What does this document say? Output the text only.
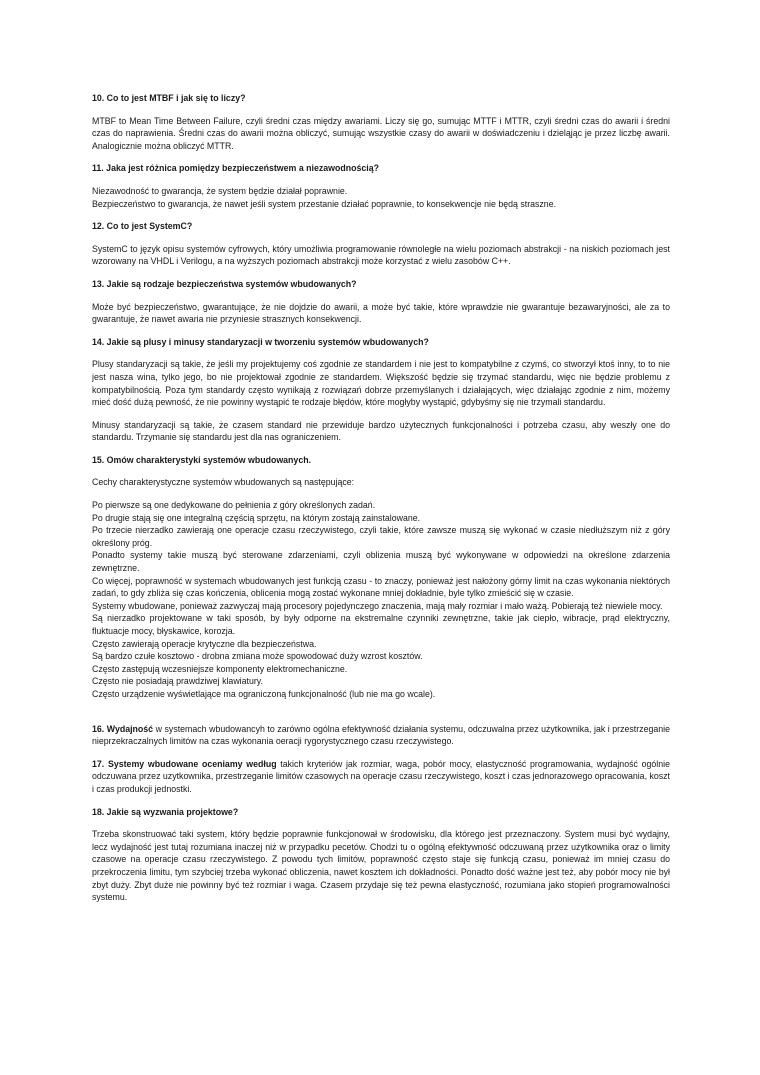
10. Co to jest MTBF i jak się to liczy?
MTBF to Mean Time Between Failure, czyli średni czas między awariami. Liczy się go, sumując MTTF i MTTR, czyli średni czas do awarii i średni czas do naprawienia. Średni czas do awarii można obliczyć, sumując wszystkie czasy do awarii w doświadczeniu i dzieląjąc je przez liczbę awarii. Analogicznie można obliczyć MTTR.
11. Jaka jest różnica pomiędzy bezpieczeństwem a niezawodnością?
Niezawodność to gwarancja, że system będzie działał poprawnie.
Bezpieczeństwo to gwarancja, że nawet jeśli system przestanie działać poprawnie, to konsekwencje nie będą straszne.
12. Co to jest SystemC?
SystemC to język opisu systemów cyfrowych, który umożliwia programowanie równoległe na wielu poziomach abstrakcji - na niskich poziomach jest wzorowany na VHDL i Verilogu, a na wyższych poziomach abstrakcji może korzystać z wielu zasobów C++.
13. Jakie są rodzaje bezpieczeństwa systemów wbudowanych?
Może być bezpieczeństwo, gwarantujące, że nie dojdzie do awarii, a może być takie, które wprawdzie nie gwarantuje bezawaryjności, ale za to gwarantuje, że nawet awaria nie przyniesie strasznych konsekwencji.
14. Jakie są plusy i minusy standaryzacji w tworzeniu systemów wbudowanych?
Plusy standaryzacji są takie, że jeśli my projektujemy coś zgodnie ze standardem i nie jest to kompatybilne z czymś, co stworzył ktoś inny, to to nie jest nasza wina, tylko jego, bo nie projektował zgodnie ze standardem. Większość będzie się trzymać standardu, więc nie będzie problemu z kompatybilnością. Poza tym standardy często wynikają z rozwiązań dobrze przemyślanych i działających, więc działając zgodnie z nim, możemy mieć dość dużą pewność, że nie powinny wystąpić te rodzaje błędów, które mogłyby wystąpić, gdybyśmy się nie trzymali standardu.
Minusy standaryzacji są takie, że czasem standard nie przewiduje bardzo użytecznych funkcjonalności i potrzeba czasu, aby weszły one do standardu. Trzymanie się standardu jest dla nas ograniczeniem.
15. Omów charakterystyki systemów wbudowanych.
Cechy charakterystyczne systemów wbudowanych są następujące:
Po pierwsze są one dedykowane do pełnienia z góry określonych zadań.
Po drugie stają się one integralną częścią sprzętu, na którym zostają zainstalowane.
Po trzecie nierzadko zawierają one operacje czasu rzeczywistego, czyli takie, które zawsze muszą się wykonać w czasie niedłuższym niż z góry określony próg.
Ponadto systemy takie muszą być sterowane zdarzeniami, czyli oblizenia muszą być wykonywane w odpowiedzi na określone zdarzenia zewnętrzne.
Co więcej, poprawność w systemach wbudowanych jest funkcją czasu - to znaczy, ponieważ jest nałożony górny limit na czas wykonania niektórych zadań, to gdy zbliża się czas kończenia, oblicenia mogą zostać wykonane mniej dokładnie, byle tylko zmieścić się w czasie.
Systemy wbudowane, ponieważ zazwyczaj mają procesory pojedynczego znaczenia, mają mały rozmiar i mało ważą. Pobierają też niewiele mocy.
Są nierzadko projektowane w taki sposób, by były odporne na ekstremalne czynniki zewnętrzne, takie jak ciepło, wibracje, prąd elektryczny, fluktuacje mocy, błyskawice, korozja.
Często zawierają operacje krytyczne dla bezpieczeństwa.
Są bardzo czułe kosztowo - drobna zmiana może spowodować duży wzrost kosztów.
Często zastępują wczesniejsze komponenty elektromechaniczne.
Często nie posiadają prawdziwej klawiatury.
Często urządzenie wyświetlające ma ograniczoną funkcjonalność (lub nie ma go wcale).
16. Wydajność w systemach wbudowancyh to zarówno ogólna efektywność działania systemu, odczuwalna przez użytkownika, jak i przestrzeganie nieprzekraczalnych limitów na czas wykonania oeracji rygorystycznego czasu rzeczywistego.
17. Systemy wbudowane oceniamy według takich kryteriów jak rozmiar, waga, pobór mocy, elastyczność programowania, wydajność ogólnie odczuwana przez uzytkownika, przestrzeganie limitów czasowych na operacje czasu rzeczywistego, koszt i czas jednorazowego opracowania, koszt i czas produkcji jednostki.
18. Jakie są wyzwania projektowe?
Trzeba skonstruować taki system, który będzie poprawnie funkcjonował w środowisku, dla którego jest przeznaczony. System musi być wydajny, lecz wydajność jest tutaj rozumiana inaczej niż w przypadku pecetów. Chodzi tu o ogólną efektywność odczuwaną przez użytkownika oraz o limity czasowe na operacje czasu rzeczywistego. Z powodu tych limitów, poprawność często staje się funkcją czasu, ponieważ im mniej czasu do przekroczenia limitu, tym szybciej trzeba wykonać obliczenia, nawet kosztem ich dokładności. Ponadto dość ważne jest też, aby pobór mocy nie był zbyt duży. Zbyt duże nie powinny być też rozmiar i waga. Czasem przydaje się też pewna elastyczność, rozumiana jako stopień programowalności systemu.
